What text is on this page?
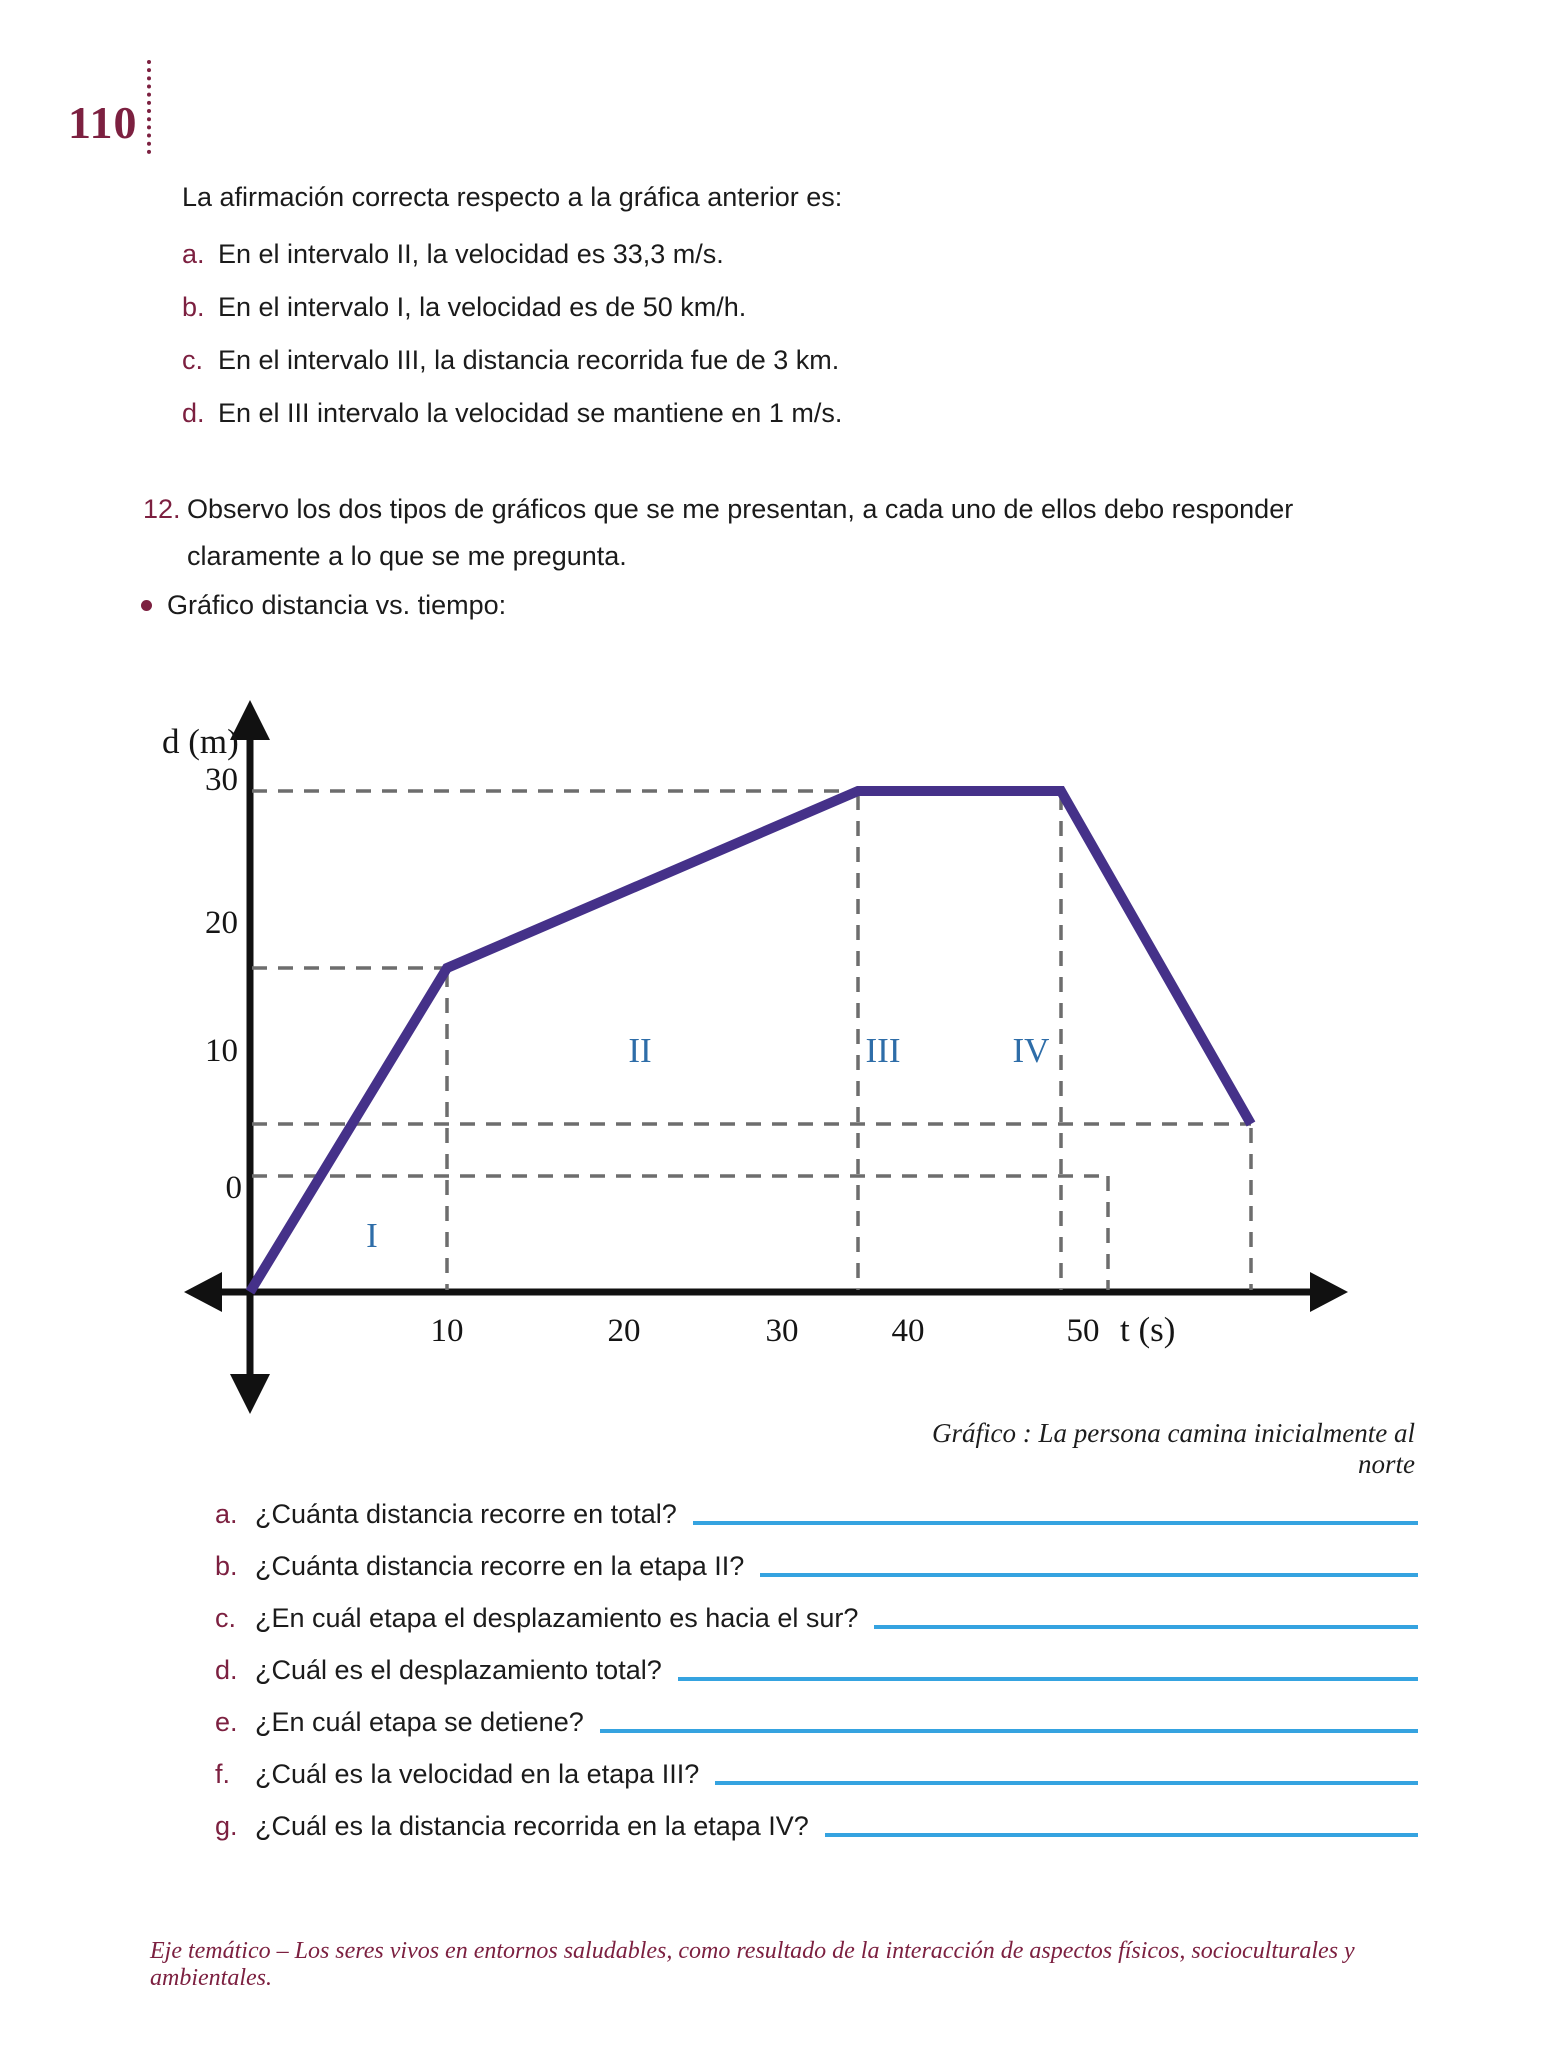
110

La afirmación correcta respecto a la gráfica anterior es:

a. En el intervalo II, la velocidad es 33,3 m/s.
b. En el intervalo I, la velocidad es de 50 km/h.
c. En el intervalo III, la distancia recorrida fue de 3 km.
d. En el III intervalo la velocidad se mantiene en 1 m/s.
12. Observo los dos tipos de gráficos que se me presentan, a cada uno de ellos debo responder claramente a lo que se me pregunta.

Gráfico distancia vs. tiempo:
d (m)
30
20
10
0
10	20	30	40	50 t (s)
I
II	III	IV

Gráfico : La persona camina inicialmente al norte

a. ¿Cuánta distancia recorre en total?
b. ¿Cuánta distancia recorre en la etapa II?
c. ¿En cuál etapa el desplazamiento es hacia el sur?
d. ¿Cuál es el desplazamiento total?
e. ¿En cuál etapa se detiene?
f. ¿Cuál es la velocidad en la etapa III?
g. ¿Cuál es la distancia recorrida en la etapa IV?

Eje temático – Los seres vivos en entornos saludables, como resultado de la interacción de aspectos físicos, socioculturales y ambientales.
